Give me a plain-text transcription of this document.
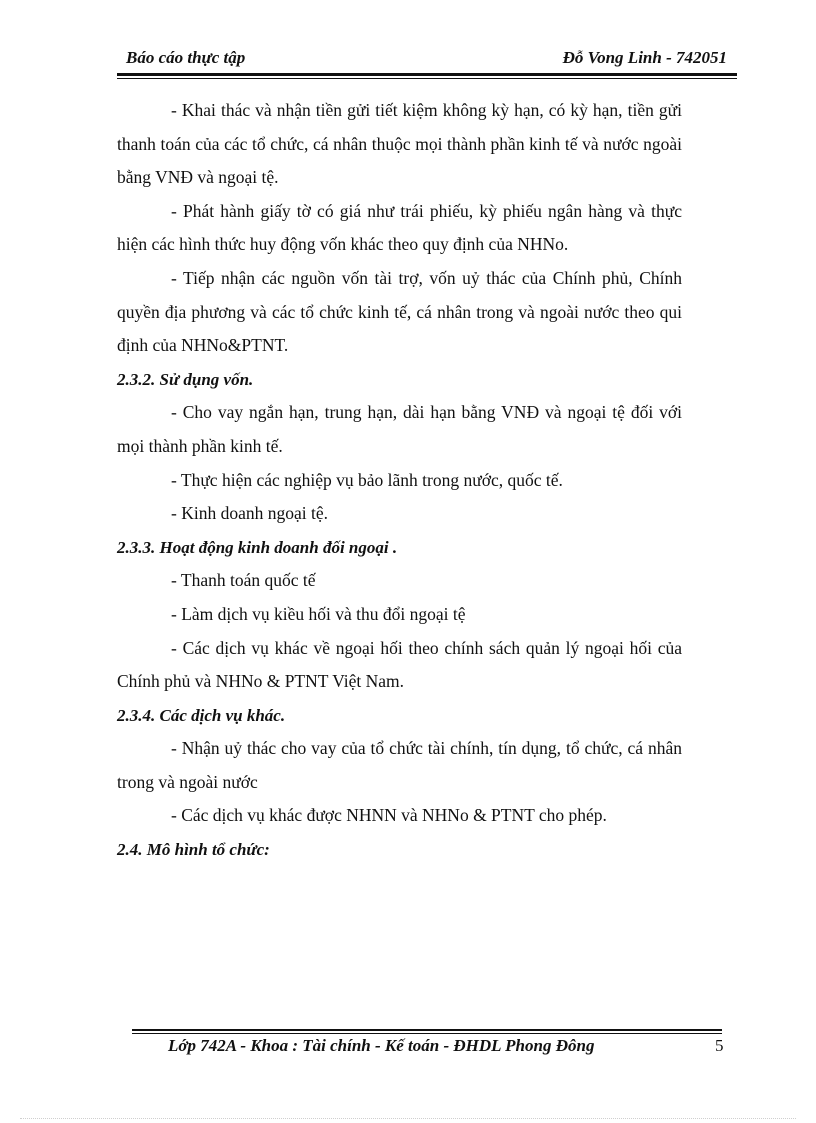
Báo cáo thực tập	Đỗ Vong Linh - 742051

- Khai thác và nhận tiền gửi tiết kiệm không kỳ hạn, có kỳ hạn, tiền gửi thanh toán của các tổ chức, cá nhân thuộc mọi thành phần kinh tế và nước ngoài bằng VNĐ và ngoại tệ.

- Phát hành giấy tờ có giá như trái phiếu, kỳ phiếu ngân hàng và thực hiện các hình thức huy động vốn khác theo quy định của NHNo.

- Tiếp nhận các nguồn vốn tài trợ, vốn uỷ thác của Chính phủ, Chính quyền địa phương và các tổ chức kinh tế, cá nhân trong và ngoài nước theo qui định của NHNo&PTNT.

2.3.2. Sử dụng vốn.

- Cho vay ngắn hạn, trung hạn, dài hạn bằng VNĐ và ngoại tệ đối với mọi thành phần kinh tế.

- Thực hiện các nghiệp vụ bảo lãnh trong nước, quốc tế.

- Kinh doanh ngoại tệ.

2.3.3. Hoạt động kinh doanh đối ngoại .

- Thanh toán quốc tế

- Làm dịch vụ kiều hối và thu đổi ngoại tệ

- Các dịch vụ khác về ngoại hối theo chính sách quản lý ngoại hối của Chính phủ và NHNo & PTNT Việt Nam.

2.3.4. Các dịch vụ khác.

- Nhận uỷ thác cho vay của tổ chức tài chính, tín dụng, tổ chức, cá nhân trong và ngoài nước

- Các dịch vụ khác được NHNN và NHNo & PTNT cho phép.

2.4. Mô hình tổ chức:

Lớp 742A - Khoa : Tài chính - Kế toán - ĐHDL Phong Đông	5
